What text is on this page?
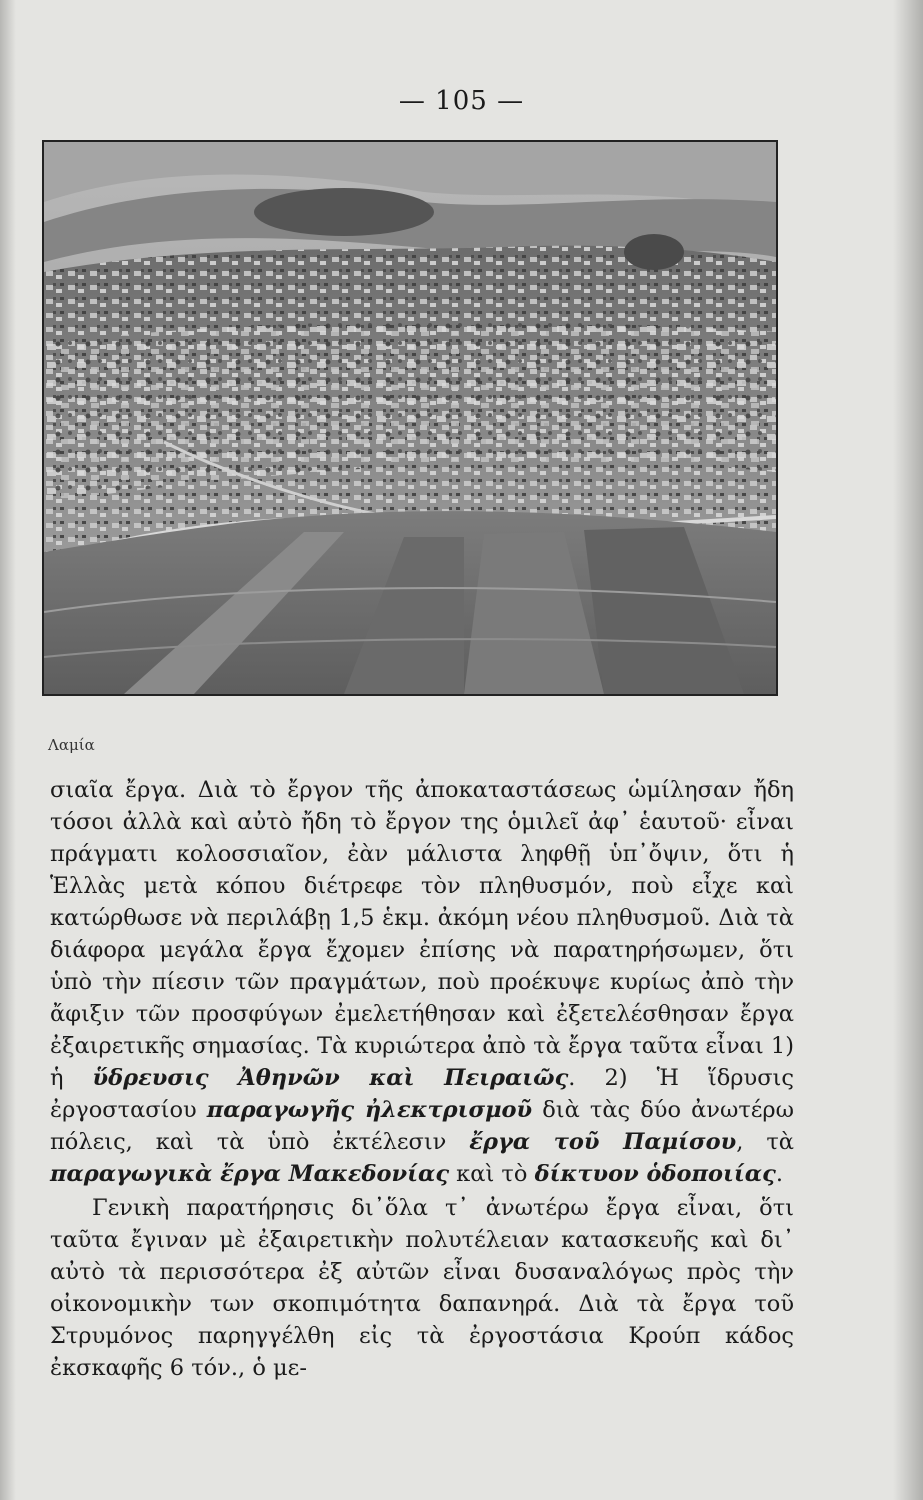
— 105 —
Λαμία

σιαῖα ἔργα. Διὰ τὸ ἔργον τῆς ἀποκαταστάσεως ὡμίλησαν ἤδη τόσοι ἀλλὰ καὶ αὐτὸ ἤδη τὸ ἔργον της ὁμιλεῖ ἀφ᾿ ἑαυτοῦ· εἶναι πράγματι κολοσσιαῖον, ἐὰν μάλιστα ληφθῇ ὑπ᾿ὄψιν, ὅτι ἡ Ἑλλὰς μετὰ κόπου διέτρεφε τὸν πληθυσμόν, ποὺ εἶχε καὶ κατώρθωσε νὰ περιλάβῃ 1,5 ἑκμ. ἀκόμη νέου πληθυσμοῦ. Διὰ τὰ διάφορα μεγάλα ἔργα ἔχομεν ἐπίσης νὰ παρατηρήσωμεν, ὅτι ὑπὸ τὴν πίεσιν τῶν πραγμάτων, ποὺ προέκυψε κυρίως ἀπὸ τὴν ἄφιξιν τῶν προσφύγων ἐμελετήθησαν καὶ ἐξετελέσθησαν ἔργα ἐξαιρετικῆς σημασίας. Τὰ κυριώτερα ἀπὸ τὰ ἔργα ταῦτα εἶναι 1) ἡ ὕδρευσις Ἀθηνῶν καὶ Πειραιῶς. 2) Ἡ ἵδρυσις ἐργοστασίου παραγωγῆς ἠλεκτρισμοῦ διὰ τὰς δύο ἀνωτέρω πόλεις, καὶ τὰ ὑπὸ ἐκτέλεσιν ἔργα τοῦ Παμίσου, τὰ παραγωγικὰ ἔργα Μακεδονίας καὶ τὸ δίκτυον ὁδοποιίας.

Γενικὴ παρατήρησις δι᾿ὅλα τ᾿ ἀνωτέρω ἔργα εἶναι, ὅτι ταῦτα ἔγιναν μὲ ἐξαιρετικὴν πολυτέλειαν κατασκευῆς καὶ δι᾿ αὐτὸ τὰ περισσότερα ἐξ αὐτῶν εἶναι δυσαναλόγως πρὸς τὴν οἰκονομικὴν των σκοπιμότητα δαπανηρά. Διὰ τὰ ἔργα τοῦ Στρυμόνος παρηγγέλθη εἰς τὰ ἐργοστάσια Κρούπ κάδος ἐκσκαφῆς 6 τόν., ὁ με-
